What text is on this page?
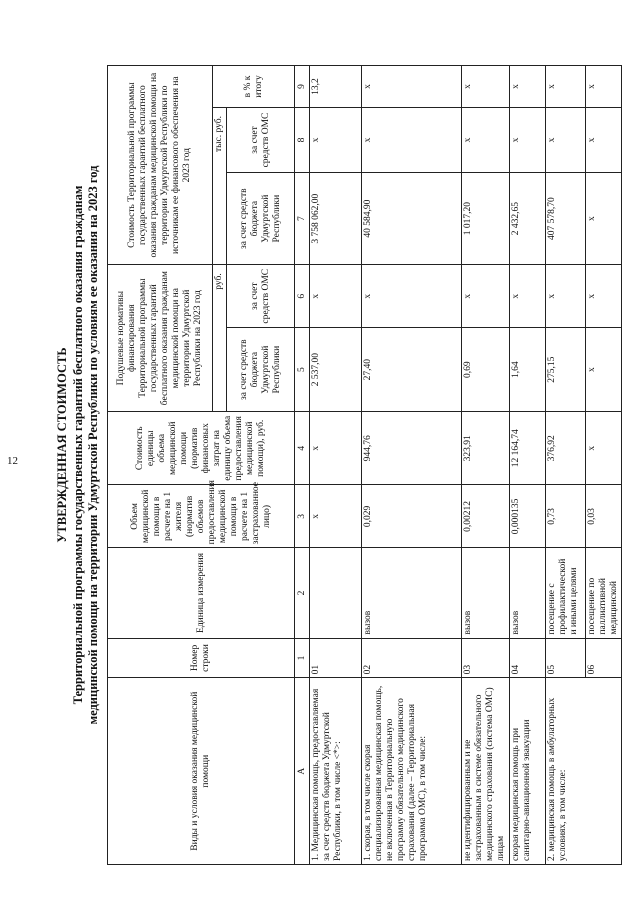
12	УТВЕРЖДЕННАЯ СТОИМОСТЬ Территориальной программы государственных гарантий бесплатного оказания гражданам медицинской помощи на территории Удмуртской Республики по условиям ее оказания на 2023 год
Виды и условия оказания медицинской помощи	Номер строки	Единица измерения	Объем медицинской помощи в расчете на 1 жителя (норматив объемов предоставления медицинской помощи в расчете на 1 застрахованное лицо)	Стоимость единицы объема медицинской помощи (норматив финансовых затрат на единицу объема предоставления медицинской помощи), руб.	Подушевые нормативы финансирования Территориальной программы государственных гарантий бесплатного оказания гражданам медицинской помощи на территории Удмуртской Республики на 2023 год		Стоимость Территориальной программы государственных гарантий бесплатного оказания гражданам медицинской помощи на территории Удмуртской Республики по источникам ее финансового обеспечения на 2023 год		
					руб.		тыс. руб.		в % к итогу
					за счет средств бюджета Удмуртской Республики	за счет средств ОМС	за счет средств бюджета Удмуртской Республики	за счет средств ОМС	
А	1	2	3	4	5	6	7	8	9
1. Медицинская помощь, предоставляемая за счет средств бюджета Удмуртской Республики, в том числе <*>:	01		х	х	2 537,00	х	3 758 062,00	х	13,2
1. скорая, в том числе скорая специализированная медицинская помощь, не включенная в Территориальную программу обязательного медицинского страхования (далее – Территориальная программа ОМС), в том числе:	02	вызов	0,029	944,76	27,40	х	40 584,90	х	х
не идентифицированным и не застрахованным в системе обязательного медицинского страхования (система ОМС) лицам	03	вызов	0,00212	323,91	0,69	х	1 017,20	х	х
скорая медицинская помощь при санитарно-авиационной эвакуации	04	вызов	0,000135	12 164,74	1,64	х	2 432,65	х	х
2. медицинская помощь в амбулаторных условиях, в том числе:	05	посещение с профилактической и иными целями	0,73	376,92	275,15	х	407 578,70	х	х
	06	посещение по паллиативной медицинской	0,03	х	х	х	х	х	х
